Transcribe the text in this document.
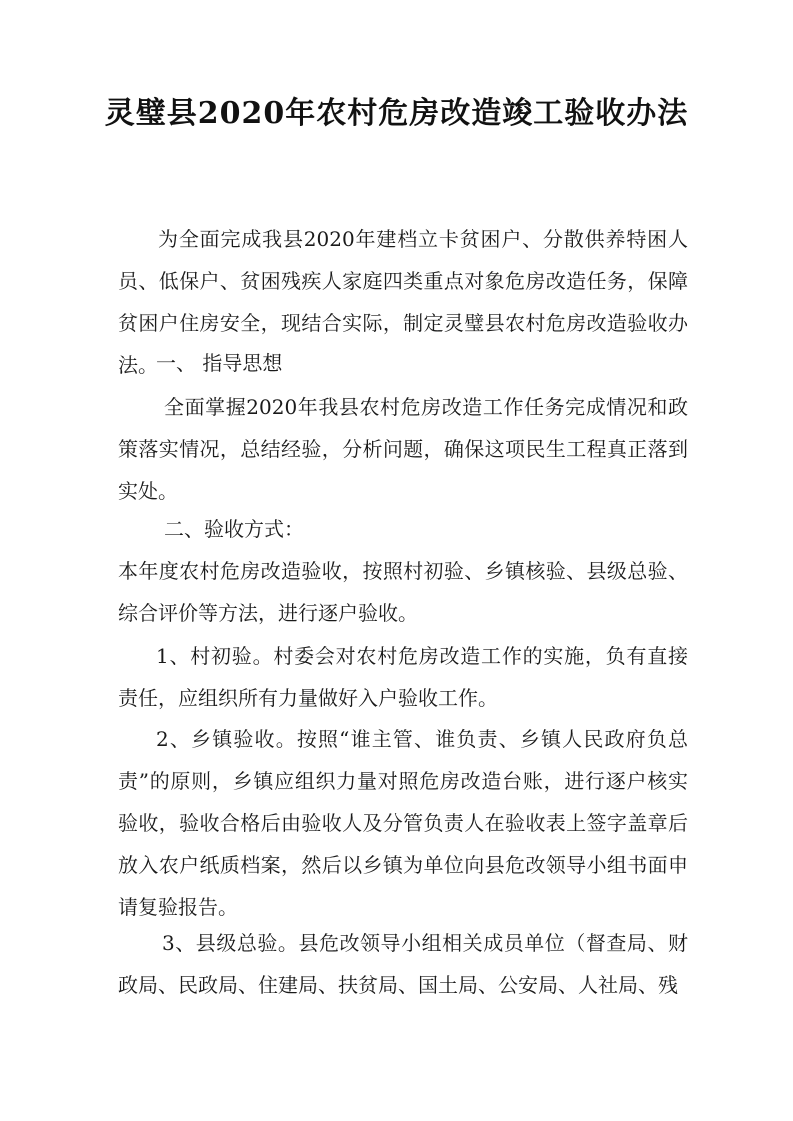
灵璧县2020年农村危房改造竣工验收办法
为全面完成我县2020年建档立卡贫困户、分散供养特困人员、低保户、贫困残疾人家庭四类重点对象危房改造任务，保障贫困户住房安全，现结合实际，制定灵璧县农村危房改造验收办法。
一、 指导思想
全面掌握2020年我县农村危房改造工作任务完成情况和政策落实情况，总结经验，分析问题，确保这项民生工程真正落到实处。
二、验收方式：
本年度农村危房改造验收，按照村初验、乡镇核验、县级总验、综合评价等方法，进行逐户验收。
1、村初验。村委会对农村危房改造工作的实施，负有直接责任，应组织所有力量做好入户验收工作。
2、乡镇验收。按照“谁主管、谁负责、乡镇人民政府负总责”的原则，乡镇应组织力量对照危房改造台账，进行逐户核实验收，验收合格后由验收人及分管负责人在验收表上签字盖章后放入农户纸质档案，然后以乡镇为单位向县危改领导小组书面申请复验报告。
3、县级总验。县危改领导小组相关成员单位（督查局、财政局、民政局、住建局、扶贫局、国土局、公安局、人社局、残
